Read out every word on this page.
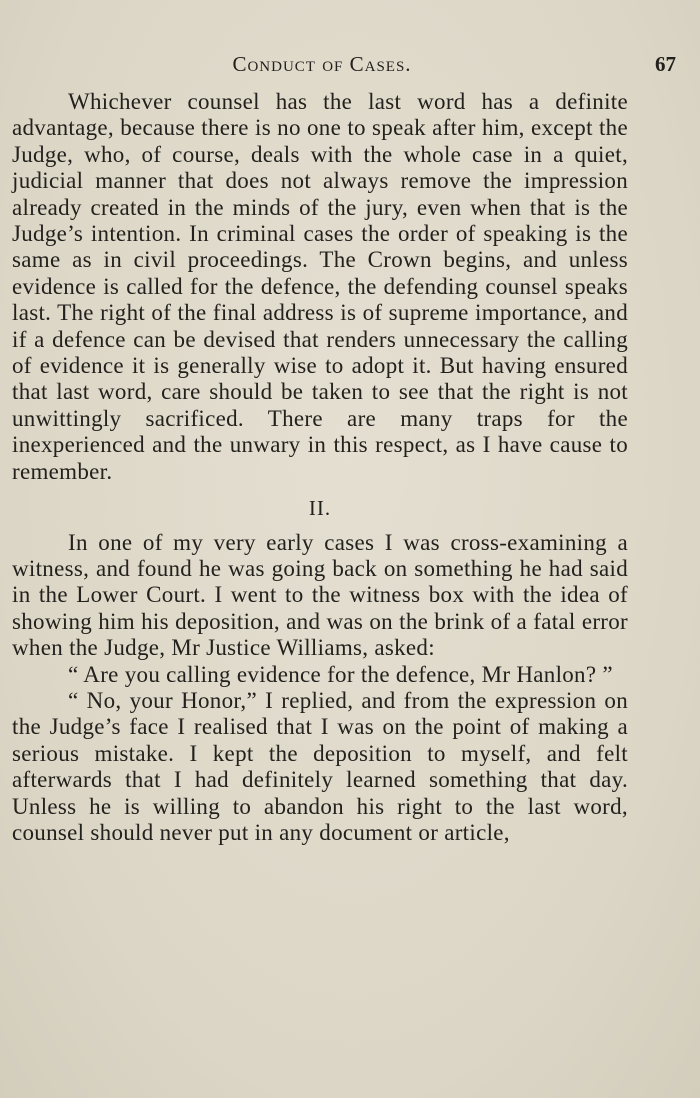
Conduct of Cases.	67

Whichever counsel has the last word has a definite advantage, because there is no one to speak after him, except the Judge, who, of course, deals with the whole case in a quiet, judicial manner that does not always remove the impression already created in the minds of the jury, even when that is the Judge’s intention. In criminal cases the order of speaking is the same as in civil proceedings. The Crown begins, and unless evidence is called for the defence, the defending counsel speaks last. The right of the final address is of supreme importance, and if a defence can be devised that renders unnecessary the calling of evidence it is generally wise to adopt it. But having ensured that last word, care should be taken to see that the right is not unwittingly sacrificed. There are many traps for the inexperienced and the unwary in this respect, as I have cause to remember.

II.

In one of my very early cases I was cross-examining a witness, and found he was going back on something he had said in the Lower Court. I went to the witness box with the idea of showing him his deposition, and was on the brink of a fatal error when the Judge, Mr Justice Williams, asked:

“ Are you calling evidence for the defence, Mr Hanlon? ”

“ No, your Honor,” I replied, and from the expression on the Judge’s face I realised that I was on the point of making a serious mistake. I kept the deposition to myself, and felt afterwards that I had definitely learned something that day. Unless he is willing to abandon his right to the last word, counsel should never put in any document or article,
